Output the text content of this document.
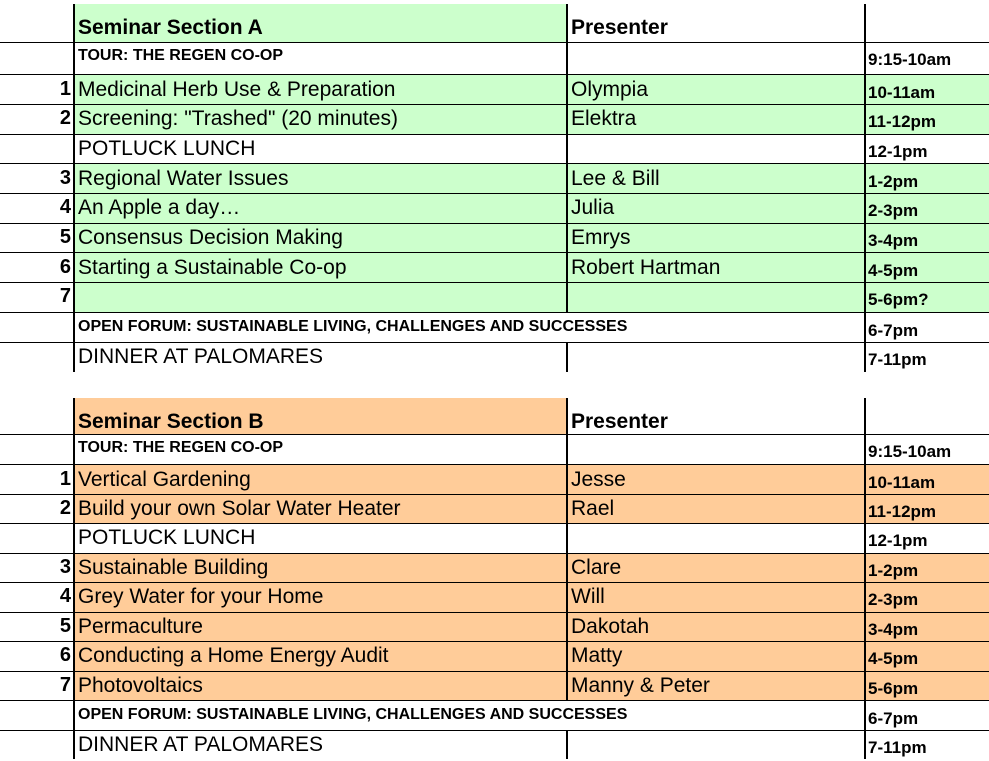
Seminar Section A	Presenter
TOUR: THE REGEN CO-OP	9:15-10am
1 Medicinal Herb Use & Preparation	Olympia	10-11am
2 Screening: "Trashed" (20 minutes)	Elektra	11-12pm
POTLUCK LUNCH	12-1pm
3 Regional Water Issues	Lee & Bill	1-2pm
4 An Apple a day…	Julia	2-3pm
5 Consensus Decision Making	Emrys	3-4pm
6 Starting a Sustainable Co-op	Robert Hartman	4-5pm
7	5-6pm?
OPEN FORUM: SUSTAINABLE LIVING, CHALLENGES AND SUCCESSES	6-7pm
DINNER AT PALOMARES	7-11pm
Seminar Section B	Presenter
TOUR: THE REGEN CO-OP	9:15-10am
1 Vertical Gardening	Jesse	10-11am
2 Build your own Solar Water Heater	Rael	11-12pm
POTLUCK LUNCH	12-1pm
3 Sustainable Building	Clare	1-2pm
4 Grey Water for your Home	Will	2-3pm
5 Permaculture	Dakotah	3-4pm
6 Conducting a Home Energy Audit	Matty	4-5pm
7 Photovoltaics	Manny & Peter	5-6pm
OPEN FORUM: SUSTAINABLE LIVING, CHALLENGES AND SUCCESSES	6-7pm
DINNER AT PALOMARES	7-11pm
